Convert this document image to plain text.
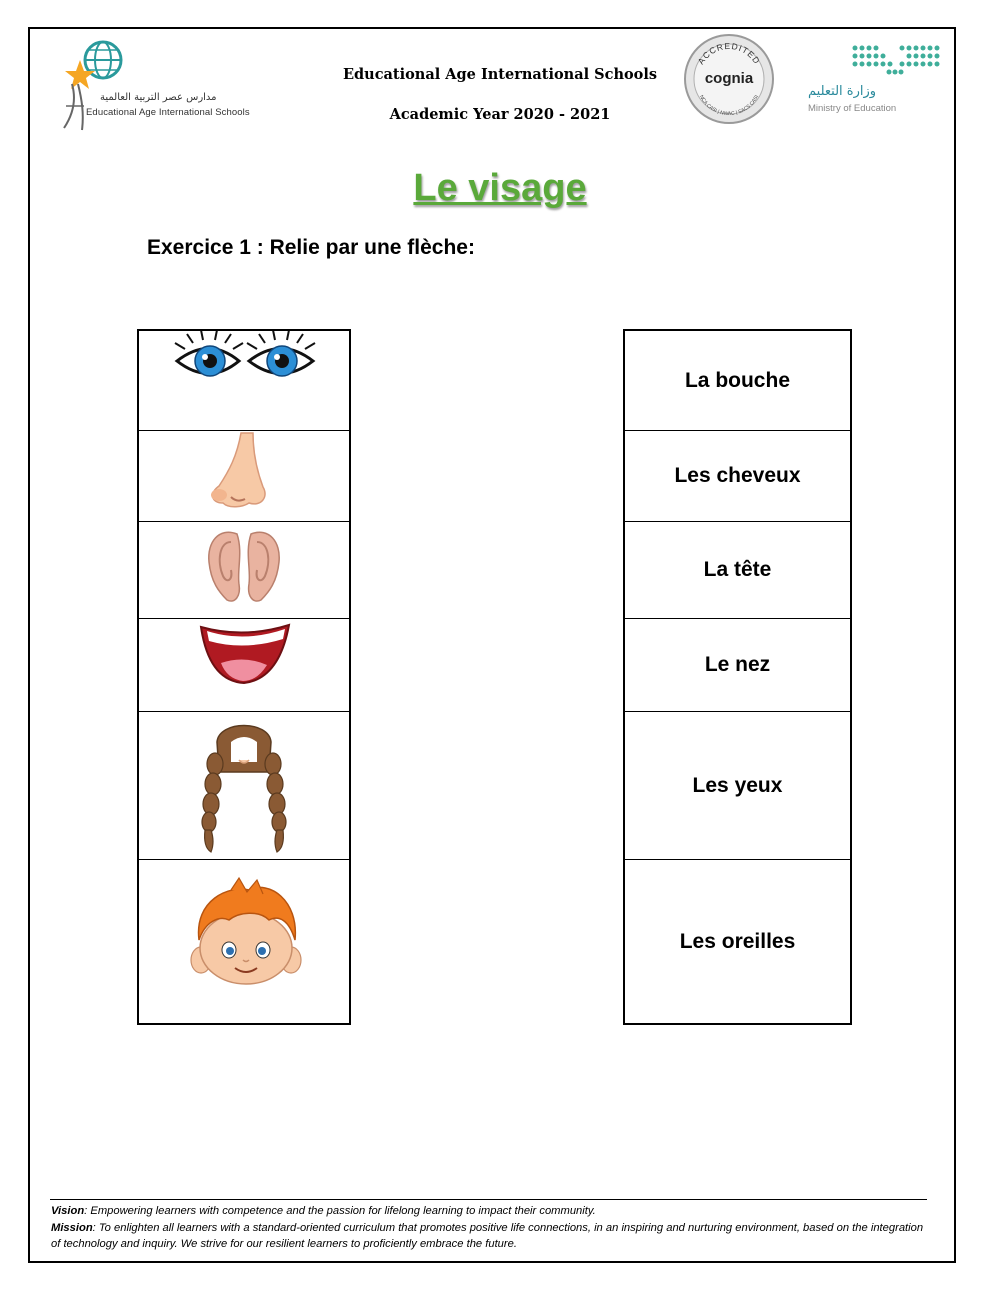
مدارس عصر التربية العالمية
Educational Age International Schools
Educational Age International Schools
Academic Year 2020 - 2021
ACCREDITED
NCA CASI | NWAC | SACS CASI
cognia
وزارة التعليم
Ministry of Education
Le visage
Exercice 1 : Relie par une flèche:
La bouche
Les cheveux
La tête
Le nez
Les yeux
Les oreilles
Vision: Empowering learners with competence and the passion for lifelong learning to impact their community.
Mission: To enlighten all learners with a standard-oriented curriculum that promotes positive life connections, in an inspiring and nurturing environment, based on the integration of technology and inquiry. We strive for our resilient learners to proficiently embrace the future.
